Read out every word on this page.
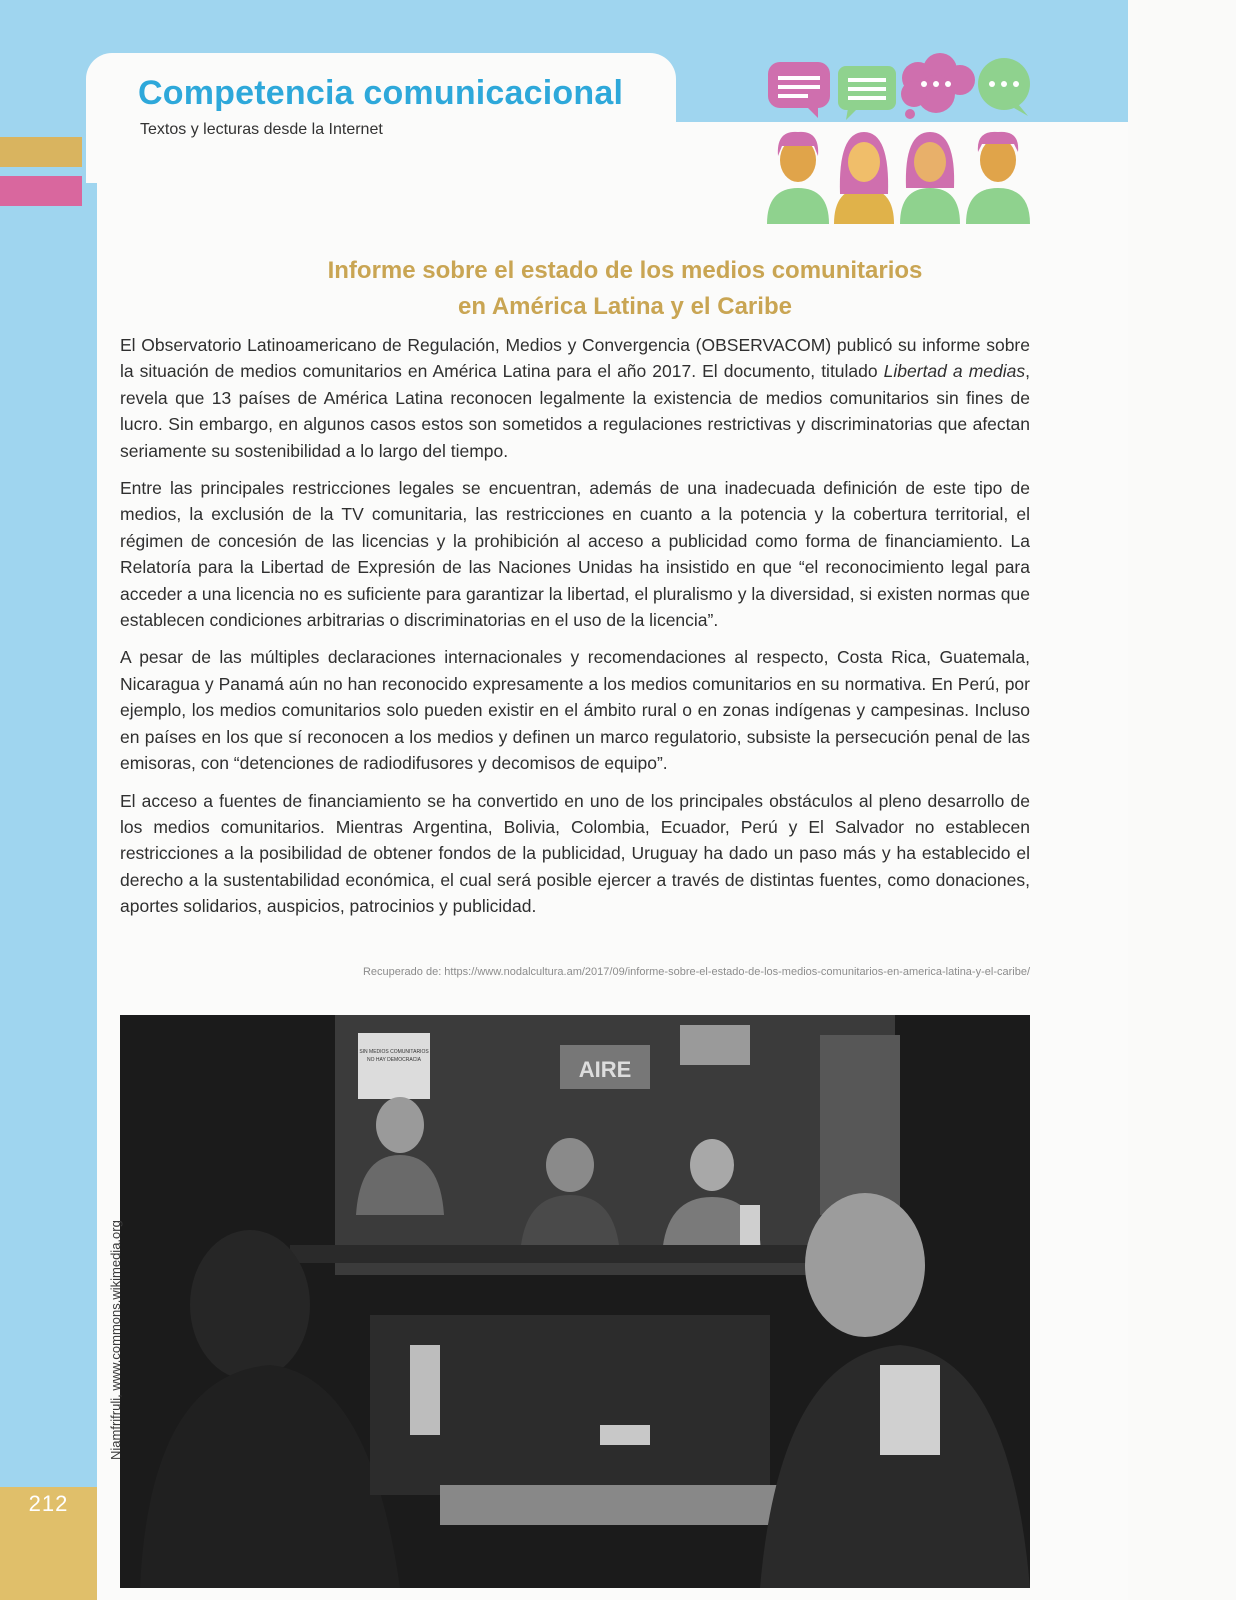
Competencia comunicacional
Textos y lecturas desde la Internet
Informe sobre el estado de los medios comunitarios
en América Latina y el Caribe

El Observatorio Latinoamericano de Regulación, Medios y Convergencia (OBSERVACOM) publicó su informe sobre la situación de medios comunitarios en América Latina para el año 2017. El documento, titulado Libertad a medias, revela que 13 países de América Latina reconocen legalmente la existencia de medios comunitarios sin fines de lucro. Sin embargo, en algunos casos estos son sometidos a regulaciones restrictivas y discriminatorias que afectan seriamente su sostenibilidad a lo largo del tiempo.

Entre las principales restricciones legales se encuentran, además de una inadecuada definición de este tipo de medios, la exclusión de la TV comunitaria, las restricciones en cuanto a la potencia y la cobertura territorial, el régimen de concesión de las licencias y la prohibición al acceso a publicidad como forma de financiamiento. La Relatoría para la Libertad de Expresión de las Naciones Unidas ha insistido en que “el reconocimiento legal para acceder a una licencia no es suficiente para garantizar la libertad, el pluralismo y la diversidad, si existen normas que establecen condiciones arbitrarias o discriminatorias en el uso de la licencia”.

A pesar de las múltiples declaraciones internacionales y recomendaciones al respecto, Costa Rica, Guatemala, Nicaragua y Panamá aún no han reconocido expresamente a los medios comunitarios en su normativa. En Perú, por ejemplo, los medios comunitarios solo pueden existir en el ámbito rural o en zonas indígenas y campesinas. Incluso en países en los que sí reconocen a los medios y definen un marco regulatorio, subsiste la persecución penal de las emisoras, con “detenciones de radiodifusores y decomisos de equipo”.

El acceso a fuentes de financiamiento se ha convertido en uno de los principales obstáculos al pleno desarrollo de los medios comunitarios. Mientras Argentina, Bolivia, Colombia, Ecuador, Perú y El Salvador no establecen restricciones a la posibilidad de obtener fondos de la publicidad, Uruguay ha dado un paso más y ha establecido el derecho a la sustentabilidad económica, el cual será posible ejercer a través de distintas fuentes, como donaciones, aportes solidarios, auspicios, patrocinios y publicidad.

Recuperado de: https://www.nodalcultura.am/2017/09/informe-sobre-el-estado-de-los-medios-comunitarios-en-america-latina-y-el-caribe/
SIN MEDIOS COMUNITARIOS
NO HAY DEMOCRACIA	AIRE
Niamfrifruli, www.commons.wikimedia.org
212
